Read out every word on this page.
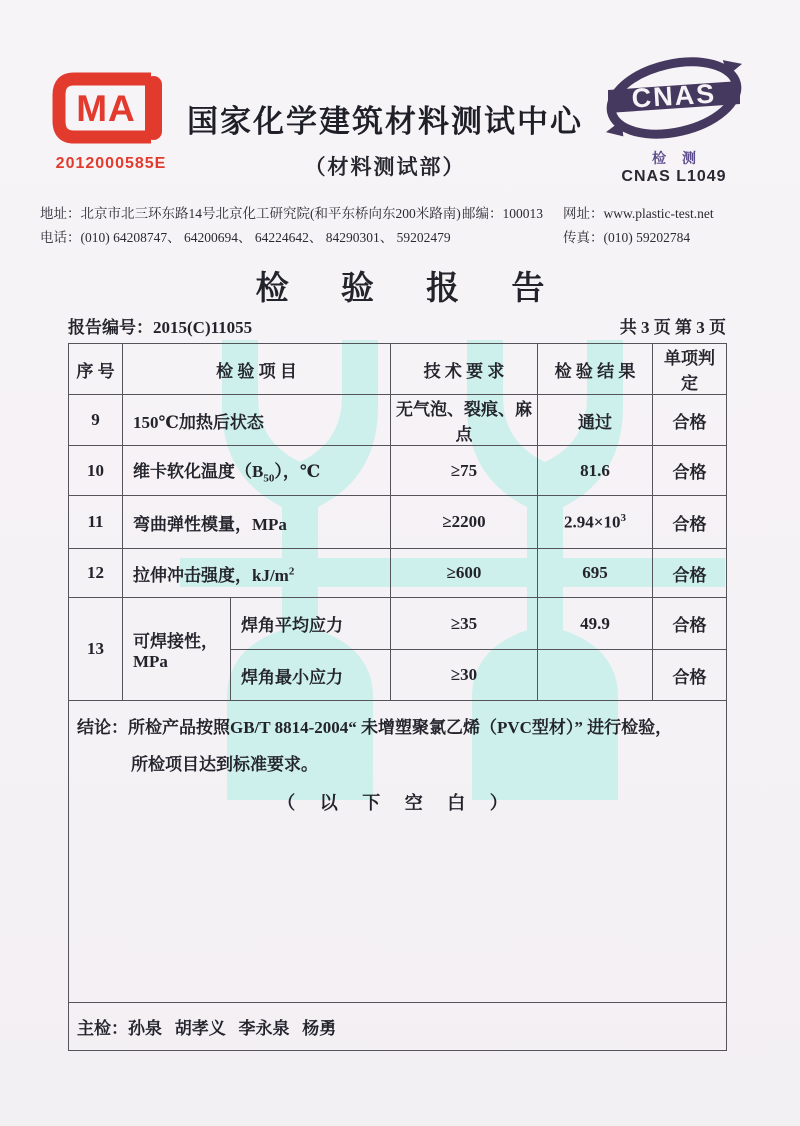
MA
2012000585E
国家化学建筑材料测试中心
（材料测试部）
CNAS
检测
CNAS L1049
地址：北京市北三环东路14号北京化工研究院(和平东桥向东200米路南) 邮编：100013 网址：www.plastic-test.net
电话：(010) 64208747、 64200694、 64224642、 84290301、 59202479	传真：(010) 59202784
检 验 报 告
报告编号：2015(C)11055	共 3 页 第 3 页
序 号	检 验 项 目		技 术 要 求	检 验 结 果	单项判定
9	150℃加热后状态		无气泡、裂痕、麻点	通过	合格
10	维卡软化温度$(B_{50})$，℃		≥75	81.6	合格
11	弯曲弹性模量，MPa		≥2200	$2.94\times 10^3$	合格
12	拉伸冲击强度，$kJ/m^2$		≥600	695	合格
13	可焊接性，MPa	焊角平均应力	≥35	49.9	合格
		焊角最小应力	≥30		合格

结论：所检产品按照GB/T 8814-2004“ 未增塑聚氯乙烯（PVC型材）” 进行检验，
所检项目达到标准要求。
（ 以 下 空 白 ）					

主检：孙泉   胡孝义   李永泉   杨勇					
